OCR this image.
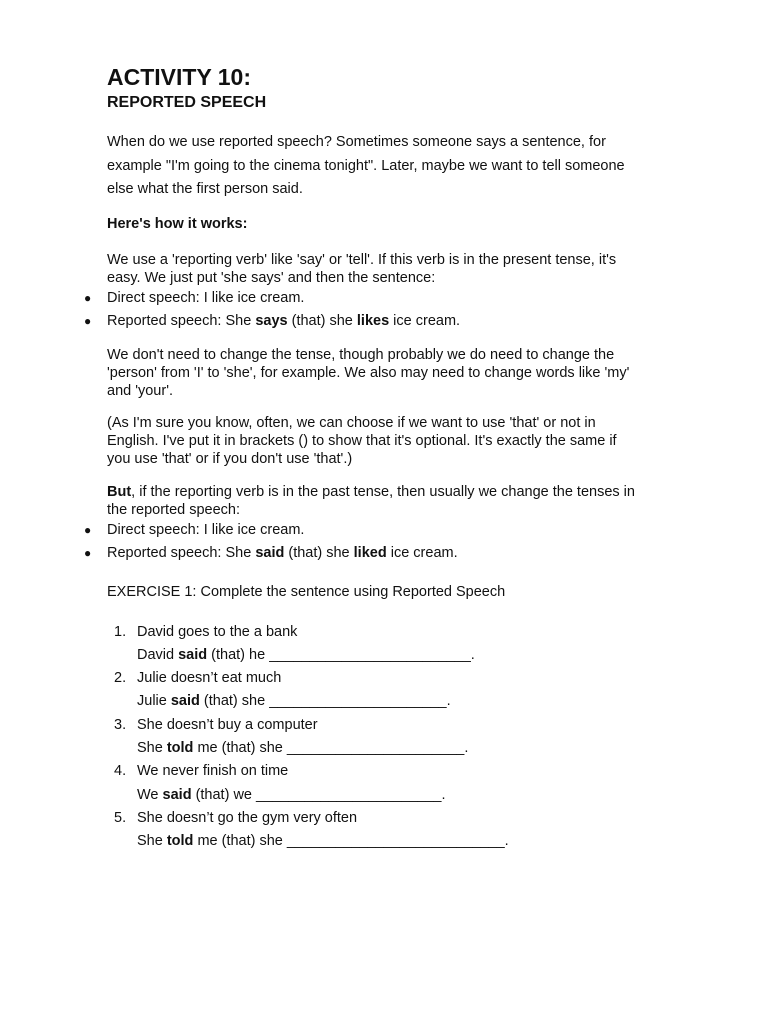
ACTIVITY 10:
REPORTED SPEECH

When do we use reported speech? Sometimes someone says a sentence, for
example "I'm going to the cinema tonight". Later, maybe we want to tell someone
else what the first person said.

Here's how it works:

We use a 'reporting verb' like 'say' or 'tell'. If this verb is in the present tense, it's
easy. We just put 'she says' and then the sentence:

● Direct speech: I like ice cream.
● Reported speech: She says (that) she likes ice cream.

We don't need to change the tense, though probably we do need to change the
'person' from 'I' to 'she', for example. We also may need to change words like 'my'
and 'your'.

(As I'm sure you know, often, we can choose if we want to use 'that' or not in
English. I've put it in brackets () to show that it's optional. It's exactly the same if
you use 'that' or if you don't use 'that'.)

But, if the reporting verb is in the past tense, then usually we change the tenses in
the reported speech:

● Direct speech: I like ice cream.
● Reported speech: She said (that) she liked ice cream.

EXERCISE 1: Complete the sentence using Reported Speech

1. David goes to the a bank
David said (that) he _________________________.
2. Julie doesn’t eat much
Julie said (that) she ______________________.
3. She doesn’t buy a computer
She told me (that) she ______________________.
4. We never finish on time
We said (that) we _______________________.
5. She doesn’t go the gym very often
She told me (that) she ___________________________.
